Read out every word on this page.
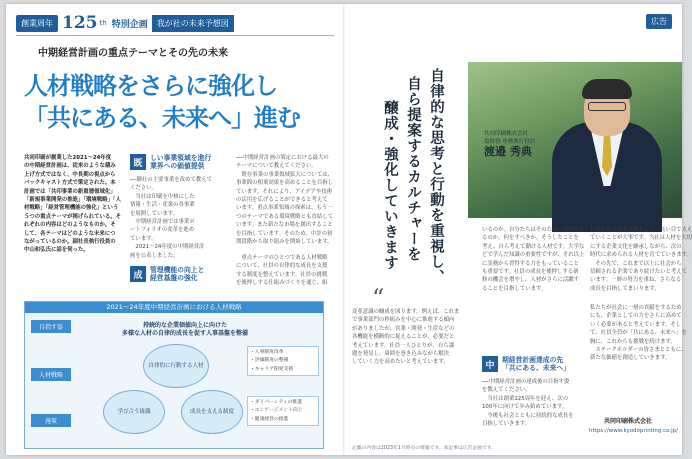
創業周年 125 th 特別企画	我が社の未来予想図	広告
中期経営計画の重点テーマとその先の未来
人材戦略をさらに強化し
「共にある、未来へ」進む
共同印刷が創業した2021〜24年度
の中期経営計画は、従来のような積み
上げ方式ではなく、中長期の視点から
バックキャスト方式で策定された。本
計画では「共印事業の新重層領域化」
「新規事業開発の推進」「環境戦略」「人
材戦略」「経営管理機能の強化」という
５つの重点テーマが掲げられている。そ
れぞれの内容はどのようなものか。そ
して、各テーマはどのような未来につ
ながっているのか。副社長執行役員の
中山和弘氏に話を伺った。
既
しい事業領域を進行
業界への価値提供
──御社の主要事業を改めて教えて
ください。
　当社は印刷を中核にした
情報・生活・産業の各事業
を展開しています。
　中期経営計画では事業ポ
ートフォリオの変革を進め
ています。
　2021〜24年度の中期経営計
画を公表しました。
──中期経営計画の策定における最大の
テーマについて教えてください。
　既存事業の事業領域拡大については、
事業間の相乗効果を高めることを目指し
ています。それにより、アイデアや技術
の活用を広げることができると考えて
います。重点事業領域の探索は、もう一
つのテーマである環境戦略とも直結して
います。また新たな市場を創出すること
を目指しています。そのため、中計の初
期段階から取り組みを開始しています。
成
管理機能の向上と
経営基盤の強化
　重点テーマのひとつである人材戦略
について、社員の自律的な成長を支援
する制度を整えています。社員の挑戦
を後押しする仕組みづくりを通じ、組
2021〜24年度中期経営計画における人材戦略
目指す姿
人材戦略
施策
持続的な企業価値向上に向けた
多様な人材の自律的成長を促す人事基盤を整備
自律的に行動する人材
学び合う組織	成長を支える制度
・人事制度改革
・評価制度の整備
・キャリア開発支援
・ダイバーシティの推進
・エンゲージメント向上
・健康経営の推進
自律的な思考と行動を重視し、
自ら提案するカルチャーを
醸成・強化していきます	共同印刷株式会社
取締役 専務執行役員
渡邉 秀典
“
変革意識の醸成を図ります。例えば、これま
で事業部門の枠組みを中心に推進する傾向
がありましたが、営業・開発・生産などの
各機能を横断的に捉えることが、必要だと
考えています。社員一人ひとりが、自ら課
題を発見し、周囲を巻き込みながら解決
していく力を高めたいと考えています。	中
期経営計画達成の先
「共にある、未来へ」
いるのか。自分たちはそのために何ができ
るのか。何をすべきか。そうしたことを
考え、自ら考えて動ける人材です。大学な
どで学んだ知識の重要性ですが、それ以上
に実務から習得する力をもっていること
も重要です。社員の成長を後押しする研
修の機会を増やし、人材がさらに活躍す
ることを目指しています。
──中期経営計画の達成後の目指す姿
を教えてください。
　当社は創業125周年を迎え、次の
100年に向けて歩み始めています。
　今後も社会とともに持続的な成長を
目指していきます。
れば自社の企業活動として、長い目で支え
ていくことが大事です。当社は人材を大切
にする企業文化を継承しながら、次の
時代に求められる人材を育てていきます。
　その先で、これまで以上に社会から
信頼される企業であり続けたいと考えて
います。一層の努力を重ね、さらなる
成長を目指してまいります。
私たちが社会に一層の貢献をするため
にも、企業としての力をさらに高めて
いく必要があると考えています。そし
て、社員全員が「共にある、未来へ」を
胸に、これからも挑戦を続けます。
　ステークホルダーの皆さまとともに、
新たな価値を創造していきます。
共同印刷株式会社
https://www.kyodoprinting.co.jp/
記載の内容は2023年1月時点の情報です。本記事は広告企画です。
